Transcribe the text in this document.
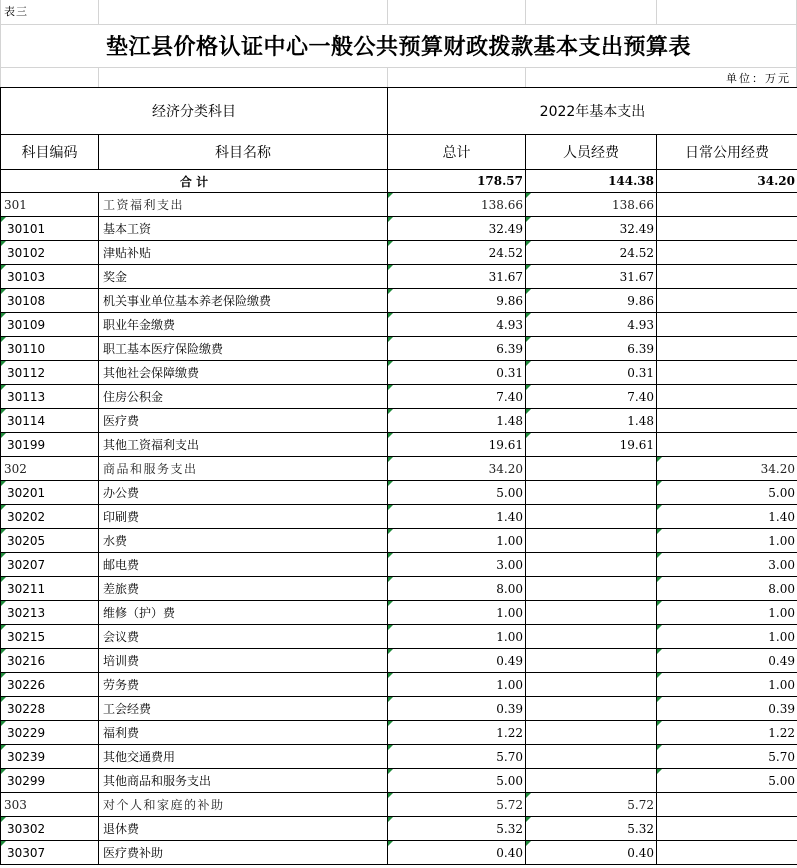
表三
垫江县价格认证中心一般公共预算财政拨款基本支出预算表
单位：万元
经济分类科目		2022年基本支出		
科目编码	科目名称	总计	人员经费	日常公用经费
合 计		178.57	144.38	34.20
301	工资福利支出	138.66	138.66	
30101	基本工资	32.49	32.49	
30102	津贴补贴	24.52	24.52	
30103	奖金	31.67	31.67	
30108	机关事业单位基本养老保险缴费	9.86	9.86	
30109	职业年金缴费	4.93	4.93	
30110	职工基本医疗保险缴费	6.39	6.39	
30112	其他社会保障缴费	0.31	0.31	
30113	住房公积金	7.40	7.40	
30114	医疗费	1.48	1.48	
30199	其他工资福利支出	19.61	19.61	
302	商品和服务支出	34.20		34.20
30201	办公费	5.00		5.00
30202	印刷费	1.40		1.40
30205	水费	1.00		1.00
30207	邮电费	3.00		3.00
30211	差旅费	8.00		8.00
30213	维修（护）费	1.00		1.00
30215	会议费	1.00		1.00
30216	培训费	0.49		0.49
30226	劳务费	1.00		1.00
30228	工会经费	0.39		0.39
30229	福利费	1.22		1.22
30239	其他交通费用	5.70		5.70
30299	其他商品和服务支出	5.00		5.00
303	对个人和家庭的补助	5.72	5.72	
30302	退休费	5.32	5.32	
30307	医疗费补助	0.40	0.40	
